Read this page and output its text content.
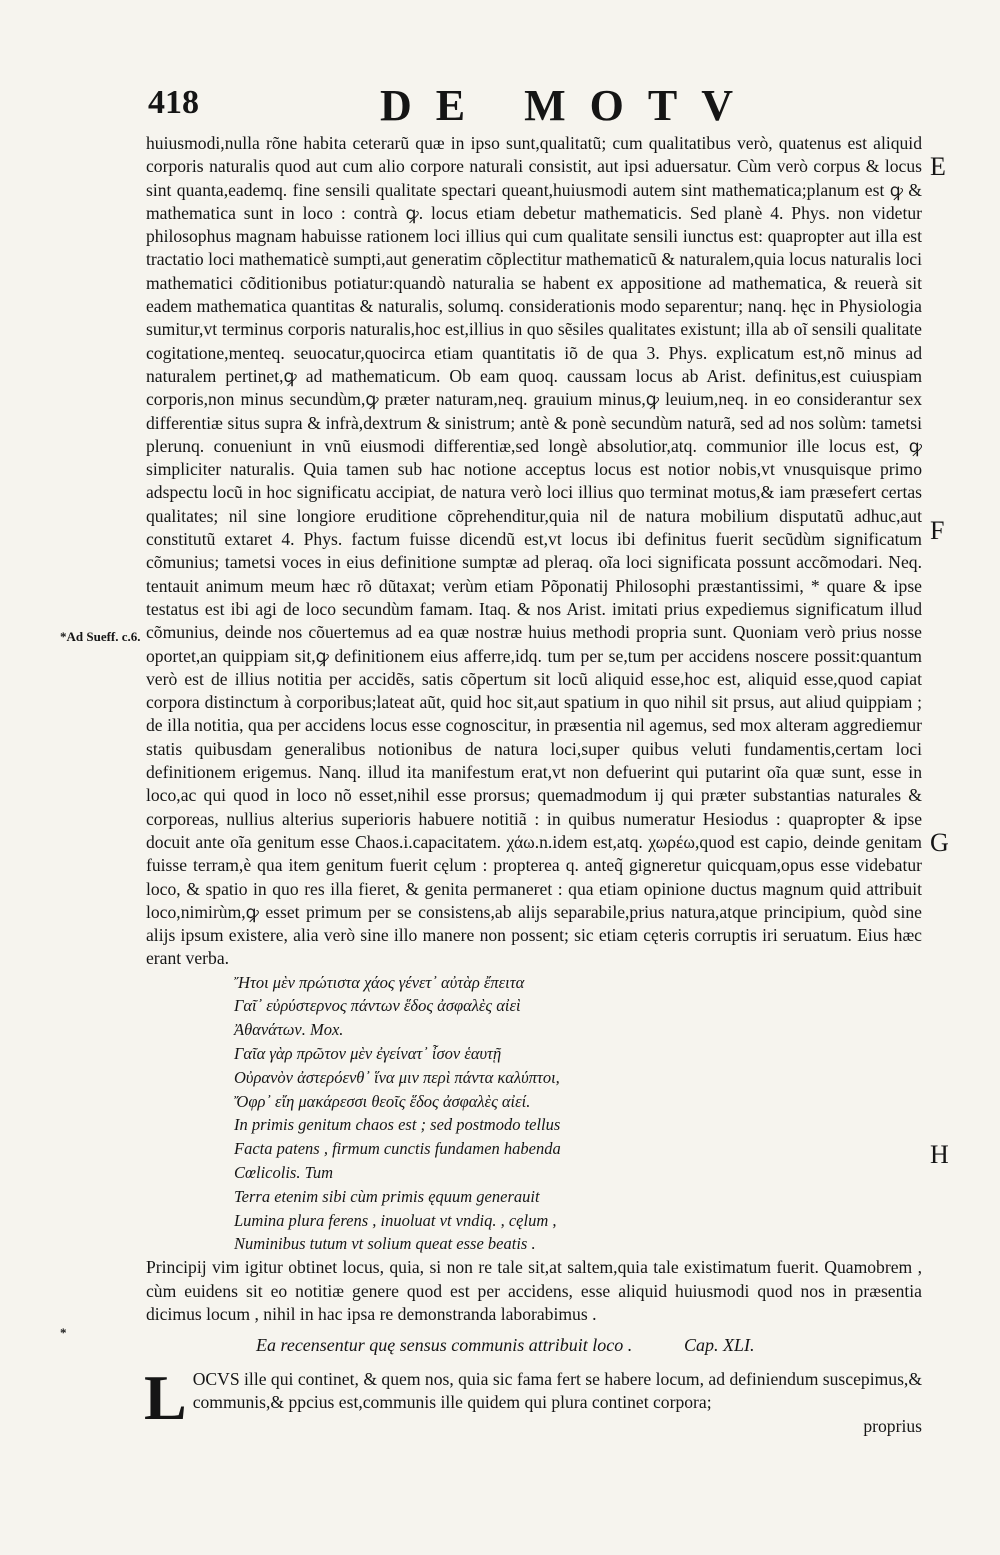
418	DE MOTV
*Ad Sueff. c.6.
*
E
F
G
H

huiusmodi,nulla rõne habita ceterarũ quæ in ipso sunt,qualitatũ; cum qualitatibus verò, quatenus est aliquid corporis naturalis quod aut cum alio corpore naturali consistit, aut ipsi aduersatur. Cùm verò corpus & locus sint quanta,eademq. fine sensili qualitate spectari queant,huiusmodi autem sint mathematica;planum est ꝙ & mathematica sunt in loco : contrà ꝙ. locus etiam debetur mathematicis. Sed planè 4. Phys. non videtur philosophus magnam habuisse rationem loci illius qui cum qualitate sensili iunctus est: quapropter aut illa est tractatio loci mathematicè sumpti,aut generatim cõplectitur mathematicũ & naturalem,quia locus naturalis loci mathematici cõditionibus potiatur:quandò naturalia se habent ex appositione ad mathematica, & reuerà sit eadem mathematica quantitas & naturalis, solumq. considerationis modo separentur; nanq. hęc in Physiologia sumitur,vt terminus corporis naturalis,hoc est,illius in quo sẽsiles qualitates existunt; illa ab oĩ sensili qualitate cogitatione,menteq. seuocatur,quocirca etiam quantitatis iõ de qua 3. Phys. explicatum est,nõ minus ad naturalem pertinet,ꝙ ad mathematicum. Ob eam quoq. caussam locus ab Arist. definitus,est cuiuspiam corporis,non minus secundùm,ꝙ præter naturam,neq. grauium minus,ꝙ leuium,neq. in eo considerantur sex differentiæ situs supra & infrà,dextrum & sinistrum; antè & ponè secundùm naturã, sed ad nos solùm: tametsi plerunq. conueniunt in vnũ eiusmodi differentiæ,sed longè absolutior,atq. communior ille locus est, ꝙ simpliciter naturalis. Quia tamen sub hac notione acceptus locus est notior nobis,vt vnusquisque primo adspectu locũ in hoc significatu accipiat, de natura verò loci illius quo terminat motus,& iam præsefert certas qualitates; nil sine longiore eruditione cõprehenditur,quia nil de natura mobilium disputatũ adhuc,aut constitutũ extaret 4. Phys. factum fuisse dicendũ est,vt locus ibi definitus fuerit secũdùm significatum cõmunius; tametsi voces in eius definitione sumptæ ad pleraq. oĩa loci significata possunt accõmodari. Neq. tentauit animum meum hæc rõ dũtaxat; verùm etiam Põponatij Philosophi præstantissimi, * quare & ipse testatus est ibi agi de loco secundùm famam. Itaq. & nos Arist. imitati prius expediemus significatum illud cõmunius, deinde nos cõuertemus ad ea quæ nostræ huius methodi propria sunt. Quoniam verò prius nosse oportet,an quippiam sit,ꝙ definitionem eius afferre,idq. tum per se,tum per accidens noscere possit:quantum verò est de illius notitia per accidẽs, satis cõpertum sit locũ aliquid esse,hoc est, aliquid esse,quod capiat corpora distinctum à corporibus;lateat aũt, quid hoc sit,aut spatium in quo nihil sit prsus, aut aliud quippiam ; de illa notitia, qua per accidens locus esse cognoscitur, in præsentia nil agemus, sed mox alteram aggrediemur statis quibusdam generalibus notionibus de natura loci,super quibus veluti fundamentis,certam loci definitionem erigemus. Nanq. illud ita manifestum erat,vt non defuerint qui putarint oĩa quæ sunt, esse in loco,ac qui quod in loco nõ esset,nihil esse prorsus; quemadmodum ij qui præter substantias naturales & corporeas, nullius alterius superioris habuere notitiã : in quibus numeratur Hesiodus : quapropter & ipse docuit ante oĩa genitum esse Chaos.i.capacitatem. χάω.n.idem est,atq. χωρέω,quod est capio, deinde genitam fuisse terram,è qua item genitum fuerit cęlum : propterea q. anteq̃ gigneretur quicquam,opus esse videbatur loco, & spatio in quo res illa fieret, & genita permaneret : qua etiam opinione ductus magnum quid attribuit loco,nimirùm,ꝙ esset primum per se consistens,ab alijs separabile,prius natura,atque principium, quòd sine alijs ipsum existere, alia verò sine illo manere non possent; sic etiam cęteris corruptis iri seruatum. Eius hæc erant verba.

Ἤτοι μὲν πρώτιστα χάος γένετ᾽ αὐτὰρ ἔπειτα
Γαῖ᾽ εὐρύστερνος πάντων ἕδος ἀσφαλὲς αἰεὶ
Ἀθανάτων. Mox.
Γαῖα γὰρ πρῶτον μὲν ἐγείνατ᾽ ἶσον ἑαυτῇ
Οὐρανὸν ἀστερόενθ᾽ ἵνα μιν περὶ πάντα καλύπτοι,
Ὄφρ᾽ εἴη μακάρεσσι θεοῖς ἕδος ἀσφαλὲς αἰεί.
In primis genitum chaos est ; sed postmodo tellus
Facta patens , firmum cunctis fundamen habenda
Cœlicolis. Tum
Terra etenim sibi cùm primis ęquum generauit
Lumina plura ferens , inuoluat vt vndiq. , cęlum ,
Numinibus tutum vt solium queat esse beatis .

Principij vim igitur obtinet locus, quia, si non re tale sit,at saltem,quia tale existimatum fuerit. Quamobrem , cùm euidens sit eo notitiæ genere quod est per accidens, esse aliquid huiusmodi quod nos in præsentia dicimus locum , nihil in hac ipsa re demonstranda laborabimus .

Ea recensentur quę sensus communis attribuit loco .	Cap. XLI.
L OCVS ille qui continet, & quem nos, quia sic fama fert se habere locum, ad definiendum suscepimus,& communis,& ppcius est,communis ille quidem qui plura continet corpora;

proprius
